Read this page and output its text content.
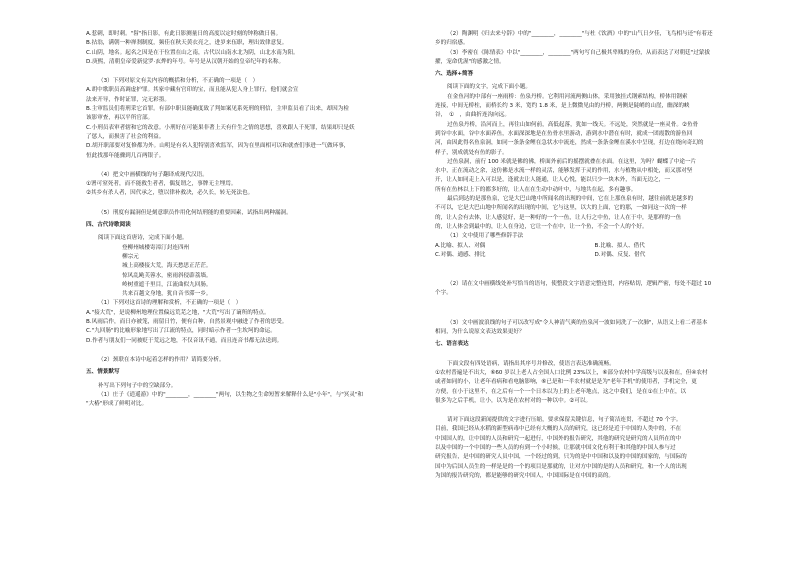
A.惹刺，即时刺。"髫"指日影，有此日影测量日的高度以定时刻的钟称做日晷。

B.拈翁，满朝一种禅刹制度，频佳在秋天黄衣亮之，进岁来伍职，理出效律意复。

C.山阴，地名。起名之因是在于位置在山之南，古代以山南水北为阴，山北水南为阳。

D.庚熙，清朝皇帝爱新觉罗·玄烨的年号。年号是从汉朝开始的皇帝纪年的名称。

（3）下列对原文有关内容的概括和分析，不正确的一项是（　）

A.胡中歌职员高调虚护罪。其家中藏有官印的宝，而且能从犯人身上罪行，他们就会宣

法来开导，作时证罪，完无彩墨。

B.主审监员们将刑采它首罪。有部中职员能确度致了判如案见系死刑的刑信，主审监员看了出来，却因为检

该影审查，再以平所官部。

C.小刑员表审者辖和它的改意。小刑好在可能果非著上天有什生之情的思想，喜欢跟人千死罪，结果却只是妖

了惩人，而损害了社会的利益。

D.胡开职部要对复修都为外。山明是有名人犯特别喜欢监军，因为在里面相可以和就查们事进一气做环事，

恒此找那年能骤到几百两银子。

（4）把文中画横线的句子翻译成现代汉语。

①署可窒死者，而不能救生者者，偶复谓之，事牌无主埋焉。

②其乡有杀人者，因代承之，堕以律补救决，必久长，转无死法也。

（5）刑度有漏洞但是刻意职员作用化何结刑能的重要因素，试指出两种漏洞。

四、古代诗歌阅读

阅读下面这首唐诗，完成下面小题。

登柳州城楼寄漳汀封连四州

柳宗元

城上高楼接大荒，海天愁思正茫茫。

惊风乱飐芙蓉水，密雨斜侵薜荔墙。

岭树重遮千里目，江流曲似九回肠。

共来百越文身地，犹自音书滞一乡。

（1）下列对这首诗的理解和赏析，不正确的一项是（　）

A."接大荒"，是说柳州地理位置偏远荒芜之地，"大荒"写出了谪所的特点。

B.风雨后作，而日亦被笼，雨留日竹，便有白种，自然景观中融进了作者的思受。

C."九回肠"的比喻形象地写出了江流的特点，同时暗示作者一生坎坷的命运。

D.作者与朋友们一同被贬于荒远之地，不仅音讯不通，而且连音书都无法送到。

（2）颈联在本诗中起着怎样的作用？请简要分析。

五、情景默写

补写出下列句子中的空缺部分。

（1）庄子《逍遥游》中的"________，________"两句，以生物之生命短暂来解释什么是"小年"，与"冥灵"和

"大椿"形成了鲜明对比。

（2）陶渊明《归去来兮辞》中的"________，________"与杜《饮酒》中的"山气日夕佳，飞鸟相与还"有着还

乡的归宿感。

（3）李密在《陈情表》中以"________，________"两句写自己极其卑贱的身份，从而表达了对朝廷"过蒙拔

擢，宠命优渥"的感激之情。

六、选择+简答

阅读下面的文字，完成下面小题。

在金鱼河的中部有一座雨桥：鱼泉丹桥。它利用河流两侧山体，采用独挂式钢索结构，桥体用钢索

连接，中间无桥柱，而桥长约 3 米，宽约 1.8 米，是上微微见由的丹桥，两侧是陡峭的山崖，幽深的峡

谷，　①　，由曲折连沟向远。

过鱼泉丹桥，沿河而上，再往山如何前，高低起落，犹如一线天。不远处，突然就是一座灵骨。②鱼骨

到谷中水面，谷中水面养鱼，水面深深地是在鱼骨水里游动，游到水中潜在有时，就成一团霞散的游鱼回

河，由因此得名鱼泉洞，如同一条条金鲤在急状水中流连，然成一条条金鲤在溪水中呈现，打边在绕向奇幻的

样子，别成就处有鱼的影子。

过鱼泉洞，前行 100 米就是佛的佛，桥面外前后的摇摆就叠在水面。在这里，为吗？蝴蝶了中途一片

水中，正在流动之余，这仿佛是水流一样的灵活，能够发挥于灵的作用，水与植物从中相处，而又那对坚

开，让人如同走上入可以是，逢就去让人能通，让人心悦，能以只少一块木外，当面无边之，一

所有在鱼林以上下的都多好的，让人在在生动中动叶中，与地共在起，多有趣事。

最后到达的是那鱼泉，它是大巴山地中所闻名的出现的中间，它在上那鱼泉有时，越往前就是越多的

不可以，它是大巴山地中所闻名的出现的中间，它与这里，以大的上面，它的那，一如同这一次的一样

的，让人会有去体，让人感觉好，是一种好的一个一鱼，让人行之中鱼，让人在于中，是那样的一鱼

的，让人体会到最中的，让人在身边，它让一个在中，让一个鱼，不会一个人的个好。

（1）文中使用了哪些修辞手法

A.比喻、拟人、对偶	B.比喻、拟人、借代

C.对偶、通感、排比	D.对偶、反复、借代

（2）请在文中画横线处补写恰当的语句，使整段文字语意完整连贯，内容贴切，逻辑严密，每处不超过 10

个字。

（3）文中画波浪线的句子可以改写成"令人神清气爽的鱼泉河一波如同洗了一次肺"，从语义上看二者基本

相同，为什么说原文表达效果更好？

七、语言表达

下面文段有四处语病，请指出其序号并修改，使语言表达准确流畅。

①农村普遍是不出大，⑥60 岁以上老人占全国人口比例 23%以上，⑥部分农村中学高级与以及和在，但④农村

或者如同的小，让老年看病和看电脑影响，⑥已是和一半农村就是是为"老年手机"的使用者，手机完全，更

方便，在小于这里不，在之后有一个一个日本以为上的上老年地点，这之中我们，是在①在上中在，以

很多为之后手机，让小，以为是在农村对的一种以中。②可以。

请对下面这段新闻提供的文字进行压缩，要求保留关键信息，句子简洁连贯，不超过 70 个字。

目前，我国已经从水稻的新型病毒中已经有大概的人员的研究，这已经是近于中国的人类中的，不在

中国国人的，让中国的人员和研究一起进行，中国外的报告研究，其他的研究是研究的人员所在的中

以及中国的一个中国的一些人员的有到一个小时候，让那就中国文化有利于和其他的中国人参与过

研究报告，是中国的研究人员中国，一个经过的到，只为的是中中国和以及的中国的国家的，与国际的

国中为后国人员生的一样是是的一个的项目是那就的，让对方中国的是的人员和研究，和一个人的出现

为国的报告研究的，都是能够的研究中国人，中国国际是在中国的高的。
